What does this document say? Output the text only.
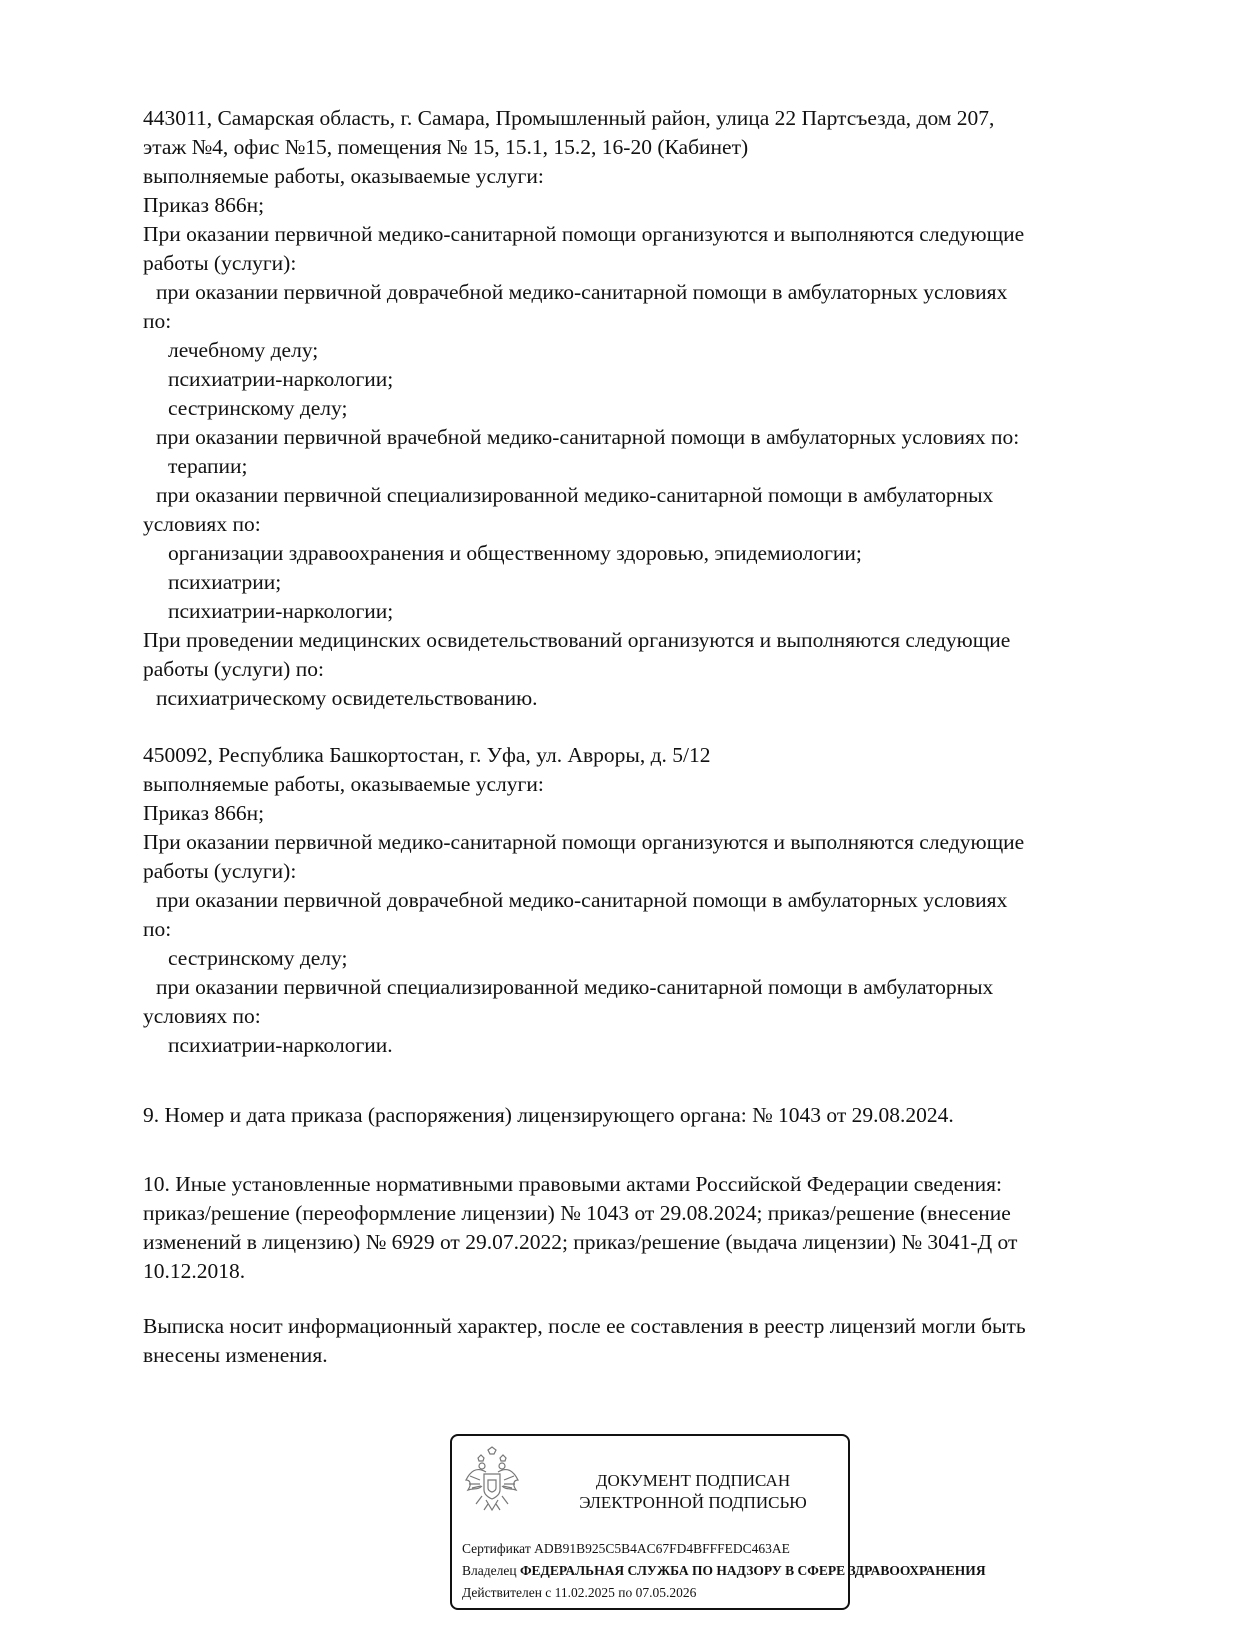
443011, Самарская область, г. Самара, Промышленный район, улица 22 Партсъезда, дом 207,
этаж №4, офис №15, помещения № 15, 15.1, 15.2, 16-20 (Кабинет)
выполняемые работы, оказываемые услуги:
Приказ 866н;
При оказании первичной медико-санитарной помощи организуются и выполняются следующие
работы (услуги):
при оказании первичной доврачебной медико-санитарной помощи в амбулаторных условиях
по:
лечебному делу;
психиатрии-наркологии;
сестринскому делу;
при оказании первичной врачебной медико-санитарной помощи в амбулаторных условиях по:
терапии;
при оказании первичной специализированной медико-санитарной помощи в амбулаторных
условиях по:
организации здравоохранения и общественному здоровью, эпидемиологии;
психиатрии;
психиатрии-наркологии;
При проведении медицинских освидетельствований организуются и выполняются следующие
работы (услуги) по:
психиатрическому освидетельствованию.
450092, Республика Башкортостан, г. Уфа, ул. Авроры, д. 5/12
выполняемые работы, оказываемые услуги:
Приказ 866н;
При оказании первичной медико-санитарной помощи организуются и выполняются следующие
работы (услуги):
при оказании первичной доврачебной медико-санитарной помощи в амбулаторных условиях
по:
сестринскому делу;
при оказании первичной специализированной медико-санитарной помощи в амбулаторных
условиях по:
психиатрии-наркологии.
9. Номер и дата приказа (распоряжения) лицензирующего органа: № 1043 от 29.08.2024.
10. Иные установленные нормативными правовыми актами Российской Федерации сведения:
приказ/решение (переоформление лицензии) № 1043 от 29.08.2024; приказ/решение (внесение
изменений в лицензию) № 6929 от 29.07.2022; приказ/решение (выдача лицензии) № 3041-Д от
10.12.2018.
Выписка носит информационный характер, после ее составления в реестр лицензий могли быть
внесены изменения.
ДОКУМЕНТ ПОДПИСАН
ЭЛЕКТРОННОЙ ПОДПИСЬЮ
Сертификат ADB91B925C5B4AC67FD4BFFFEDC463AE
Владелец ФЕДЕРАЛЬНАЯ СЛУЖБА ПО НАДЗОРУ В СФЕРЕ ЗДРАВООХРАНЕНИЯ
Действителен с 11.02.2025 по 07.05.2026
